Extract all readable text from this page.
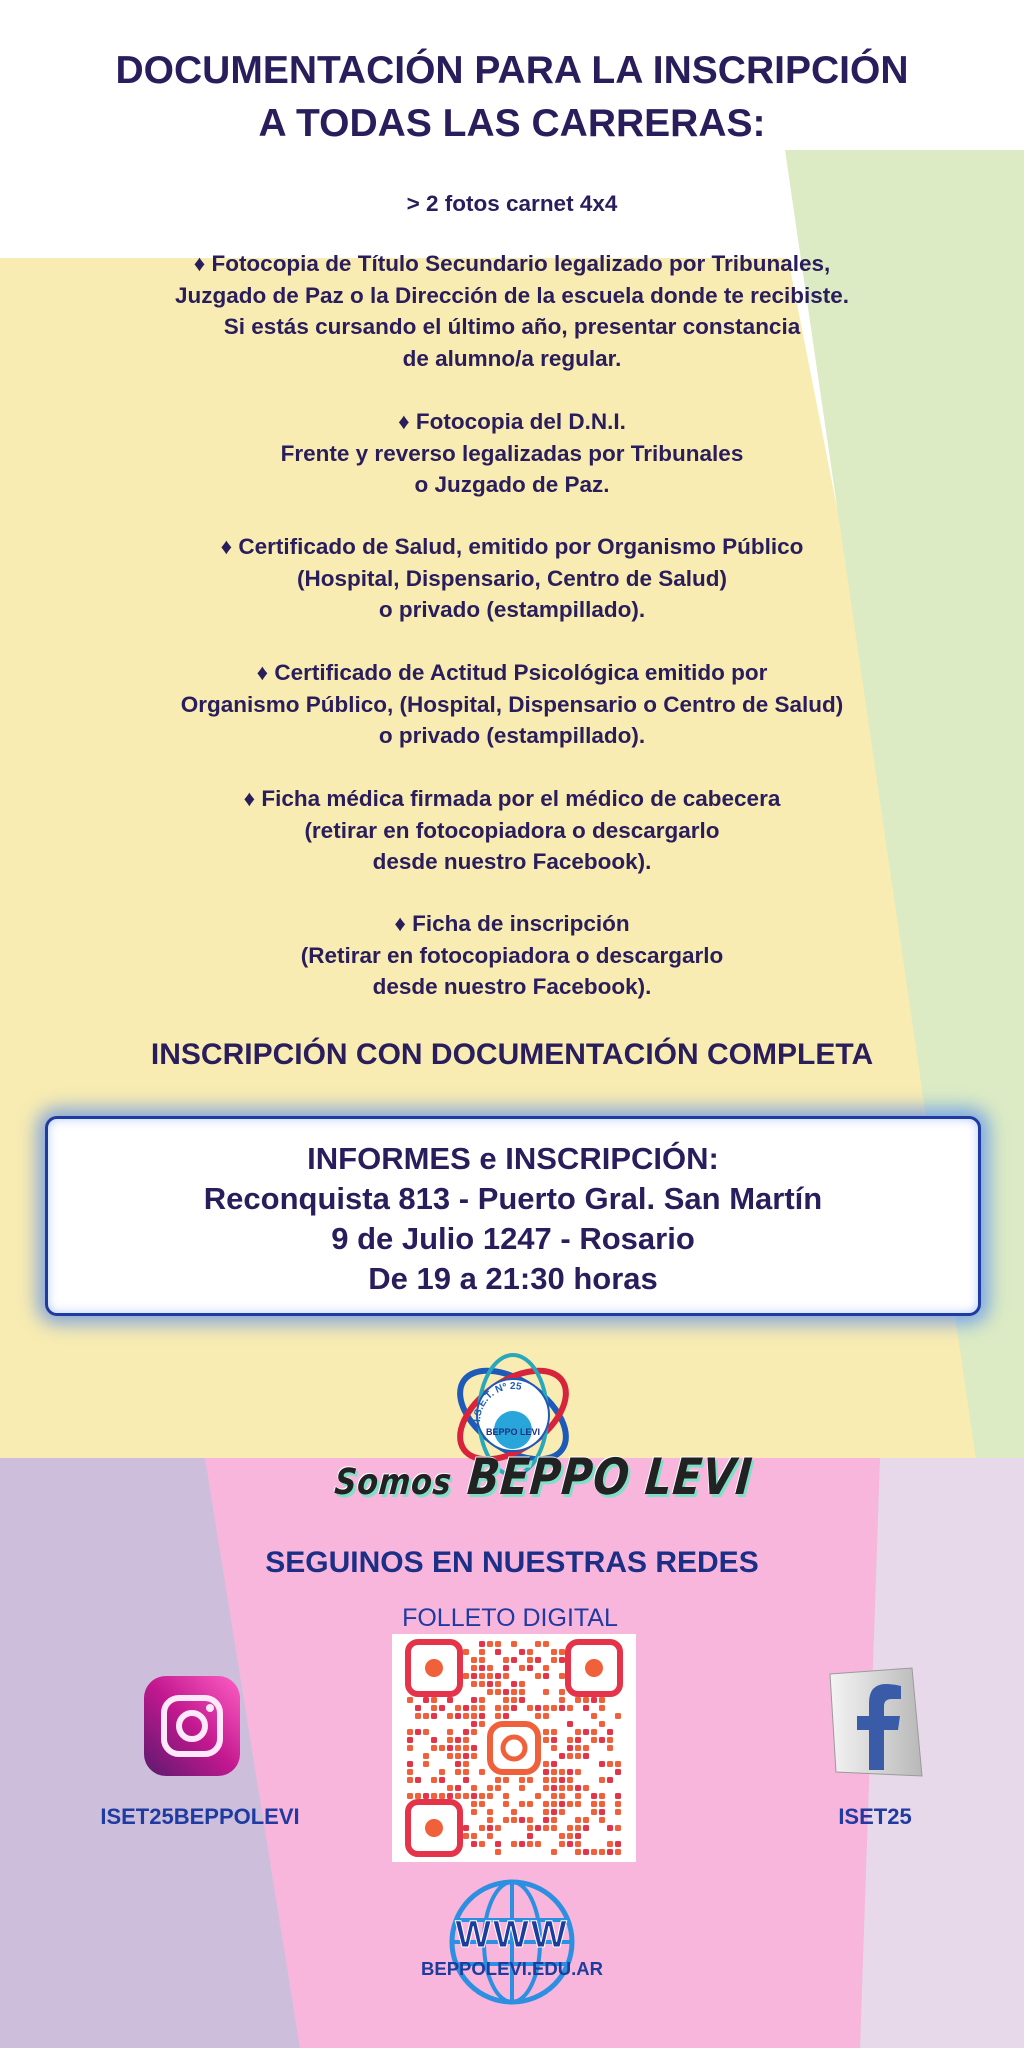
DOCUMENTACIÓN PARA LA INSCRIPCIÓN
A TODAS LAS CARRERAS:
> 2 fotos carnet 4x4
♦ Fotocopia de Título Secundario legalizado por Tribunales,
Juzgado de Paz o la Dirección de la escuela donde te recibiste.
Si estás cursando el último año, presentar constancia
de alumno/a regular.
♦ Fotocopia del D.N.I.
Frente y reverso legalizadas por Tribunales
o Juzgado de Paz.
♦ Certificado de Salud, emitido por Organismo Público
(Hospital, Dispensario, Centro de Salud)
o privado (estampillado).
♦ Certificado de Actitud Psicológica emitido por
Organismo Público, (Hospital, Dispensario o Centro de Salud)
o privado (estampillado).
♦ Ficha médica firmada por el médico de cabecera
(retirar en fotocopiadora o descargarlo
desde nuestro Facebook).
♦ Ficha de inscripción
(Retirar en fotocopiadora o descargarlo
desde nuestro Facebook).
INSCRIPCIÓN CON DOCUMENTACIÓN COMPLETA
INFORMES e INSCRIPCIÓN:
Reconquista 813 - Puerto Gral. San Martín
9 de Julio 1247 - Rosario
De 19 a 21:30 horas
I.S.E.T. Nº 25
BEPPO LEVI
Somos BEPPO LEVI
SEGUINOS EN NUESTRAS REDES
FOLLETO DIGITAL
ISET25BEPPOLEVI	ISET25
WWW
BEPPOLEVI.EDU.AR
